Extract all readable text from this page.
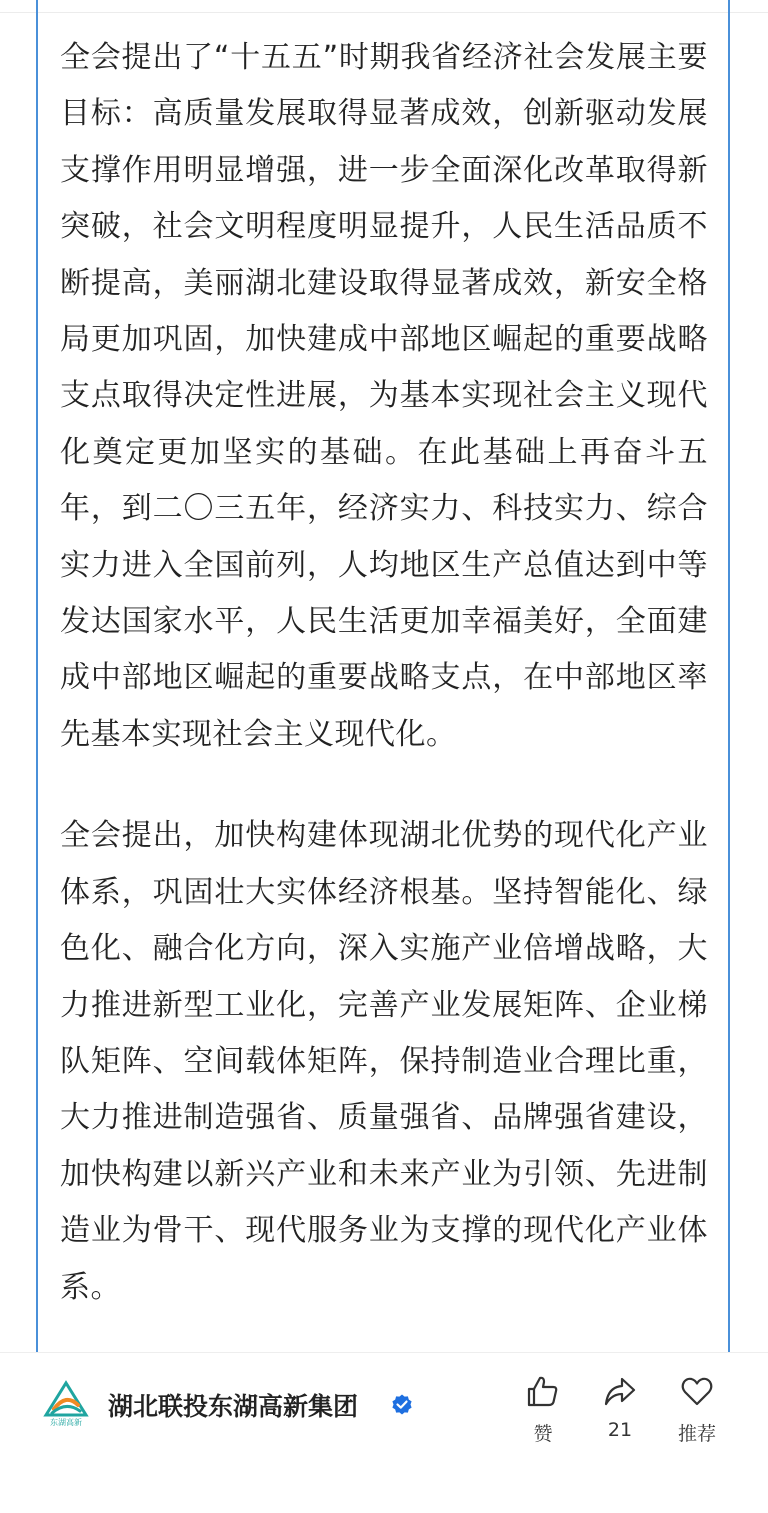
全会提出了“十五五”时期我省经济社会发展主要目标：高质量发展取得显著成效，创新驱动发展支撑作用明显增强，进一步全面深化改革取得新突破，社会文明程度明显提升，人民生活品质不断提高，美丽湖北建设取得显著成效，新安全格局更加巩固，加快建成中部地区崛起的重要战略支点取得决定性进展，为基本实现社会主义现代化奠定更加坚实的基础。在此基础上再奋斗五年，到二〇三五年，经济实力、科技实力、综合实力进入全国前列，人均地区生产总值达到中等发达国家水平，人民生活更加幸福美好，全面建成中部地区崛起的重要战略支点，在中部地区率先基本实现社会主义现代化。

全会提出，加快构建体现湖北优势的现代化产业体系，巩固壮大实体经济根基。坚持智能化、绿色化、融合化方向，深入实施产业倍增战略，大力推进新型工业化，完善产业发展矩阵、企业梯队矩阵、空间载体矩阵，保持制造业合理比重，大力推进制造强省、质量强省、品牌强省建设，加快构建以新兴产业和未来产业为引领、先进制造业为骨干、现代服务业为支撑的现代化产业体系。

东湖高新
湖北联投东湖高新集团
赞	21	推荐
